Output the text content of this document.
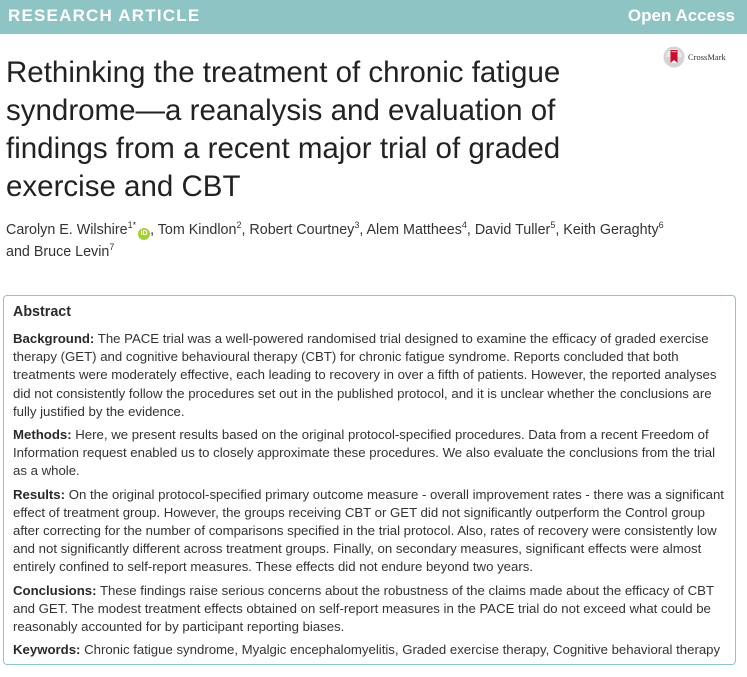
RESEARCH ARTICLE	Open Access
CrossMark
Rethinking the treatment of chronic fatigue syndrome—a reanalysis and evaluation of findings from a recent major trial of graded exercise and CBT
Carolyn E. Wilshire$^{1*}$iD , Tom Kindlon$^2$, Robert Courtney$^3$, Alem Matthees$^4$, David Tuller$^5$, Keith Geraghty$^6$
and Bruce Levin$^7$
Abstract

Background: The PACE trial was a well-powered randomised trial designed to examine the efficacy of graded exercise therapy (GET) and cognitive behavioural therapy (CBT) for chronic fatigue syndrome. Reports concluded that both treatments were moderately effective, each leading to recovery in over a fifth of patients. However, the reported analyses did not consistently follow the procedures set out in the published protocol, and it is unclear whether the conclusions are fully justified by the evidence.

Methods: Here, we present results based on the original protocol-specified procedures. Data from a recent Freedom of Information request enabled us to closely approximate these procedures. We also evaluate the conclusions from the trial as a whole.

Results: On the original protocol-specified primary outcome measure - overall improvement rates - there was a significant effect of treatment group. However, the groups receiving CBT or GET did not significantly outperform the Control group after correcting for the number of comparisons specified in the trial protocol. Also, rates of recovery were consistently low and not significantly different across treatment groups. Finally, on secondary measures, significant effects were almost entirely confined to self-report measures. These effects did not endure beyond two years.

Conclusions: These findings raise serious concerns about the robustness of the claims made about the efficacy of CBT and GET. The modest treatment effects obtained on self-report measures in the PACE trial do not exceed what could be reasonably accounted for by participant reporting biases.

Keywords: Chronic fatigue syndrome, Myalgic encephalomyelitis, Graded exercise therapy, Cognitive behavioral therapy
